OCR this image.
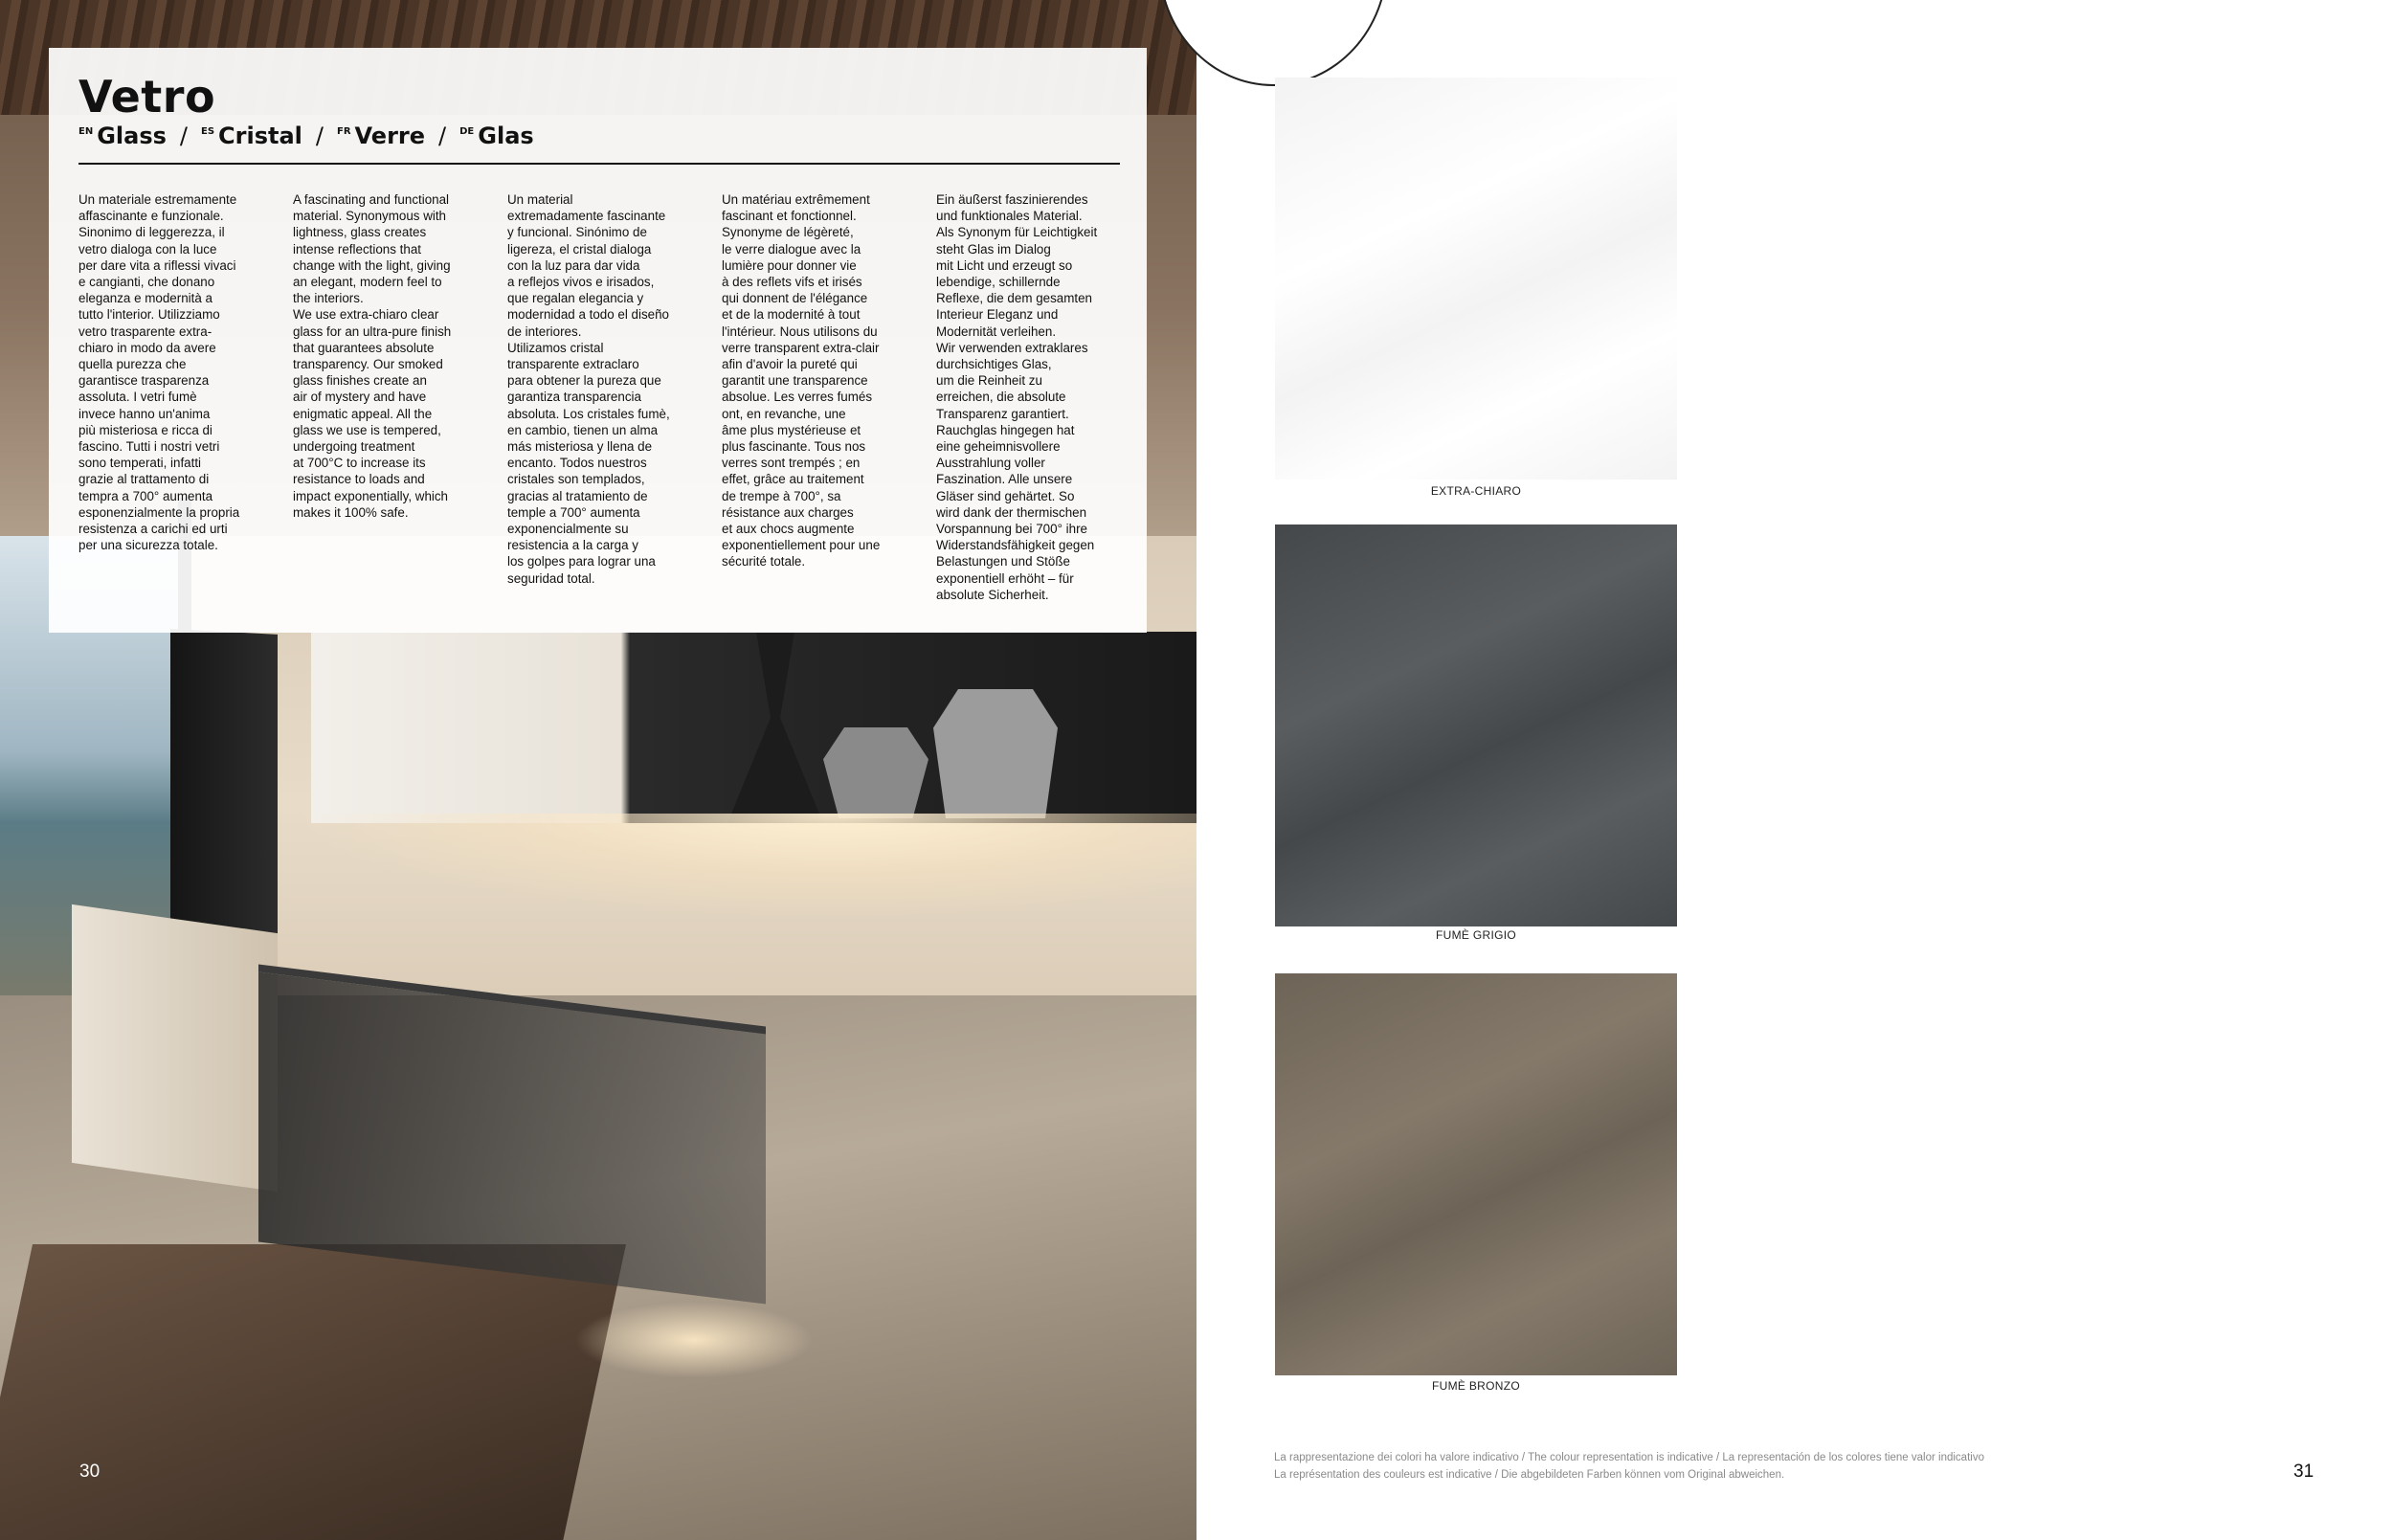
Vetro
EN Glass / ES Cristal / FR Verre / DE Glas
Un materiale estremamente
affascinante e funzionale.
Sinonimo di leggerezza, il
vetro dialoga con la luce
per dare vita a riflessi vivaci
e cangianti, che donano
eleganza e modernità a
tutto l'interior. Utilizziamo
vetro trasparente extra-
chiaro in modo da avere
quella purezza che
garantisce trasparenza
assoluta. I vetri fumè
invece hanno un'anima
più misteriosa e ricca di
fascino. Tutti i nostri vetri
sono temperati, infatti
grazie al trattamento di
tempra a 700° aumenta
esponenzialmente la propria
resistenza a carichi ed urti
per una sicurezza totale.
A fascinating and functional
material. Synonymous with
lightness, glass creates
intense reflections that
change with the light, giving
an elegant, modern feel to
the interiors.
We use extra-chiaro clear
glass for an ultra-pure finish
that guarantees absolute
transparency. Our smoked
glass finishes create an
air of mystery and have
enigmatic appeal. All the
glass we use is tempered,
undergoing treatment
at 700°C to increase its
resistance to loads and
impact exponentially, which
makes it 100% safe.
Un material
extremadamente fascinante
y funcional. Sinónimo de
ligereza, el cristal dialoga
con la luz para dar vida
a reflejos vivos e irisados,
que regalan elegancia y
modernidad a todo el diseño
de interiores.
Utilizamos cristal
transparente extraclaro
para obtener la pureza que
garantiza transparencia
absoluta. Los cristales fumè,
en cambio, tienen un alma
más misteriosa y llena de
encanto. Todos nuestros
cristales son templados,
gracias al tratamiento de
temple a 700° aumenta
exponencialmente su
resistencia a la carga y
los golpes para lograr una
seguridad total.
Un matériau extrêmement
fascinant et fonctionnel.
Synonyme de légèreté,
le verre dialogue avec la
lumière pour donner vie
à des reflets vifs et irisés
qui donnent de l'élégance
et de la modernité à tout
l'intérieur. Nous utilisons du
verre transparent extra-clair
afin d'avoir la pureté qui
garantit une transparence
absolue. Les verres fumés
ont, en revanche, une
âme plus mystérieuse et
plus fascinante. Tous nos
verres sont trempés ; en
effet, grâce au traitement
de trempe à 700°, sa
résistance aux charges
et aux chocs augmente
exponentiellement pour une
sécurité totale.
Ein äußerst faszinierendes
und funktionales Material.
Als Synonym für Leichtigkeit
steht Glas im Dialog
mit Licht und erzeugt so
lebendige, schillernde
Reflexe, die dem gesamten
Interieur Eleganz und
Modernität verleihen.
Wir verwenden extraklares
durchsichtiges Glas,
um die Reinheit zu
erreichen, die absolute
Transparenz garantiert.
Rauchglas hingegen hat
eine geheimnisvollere
Ausstrahlung voller
Faszination. Alle unsere
Gläser sind gehärtet. So
wird dank der thermischen
Vorspannung bei 700° ihre
Widerstandsfähigkeit gegen
Belastungen und Stöße
exponentiell erhöht – für
absolute Sicherheit.
30
EXTRA-CHIARO
FUMÈ GRIGIO
FUMÈ BRONZO
La rappresentazione dei colori ha valore indicativo / The colour representation is indicative / La representación de los colores tiene valor indicativo
La représentation des couleurs est indicative / Die abgebildeten Farben können vom Original abweichen.	31
